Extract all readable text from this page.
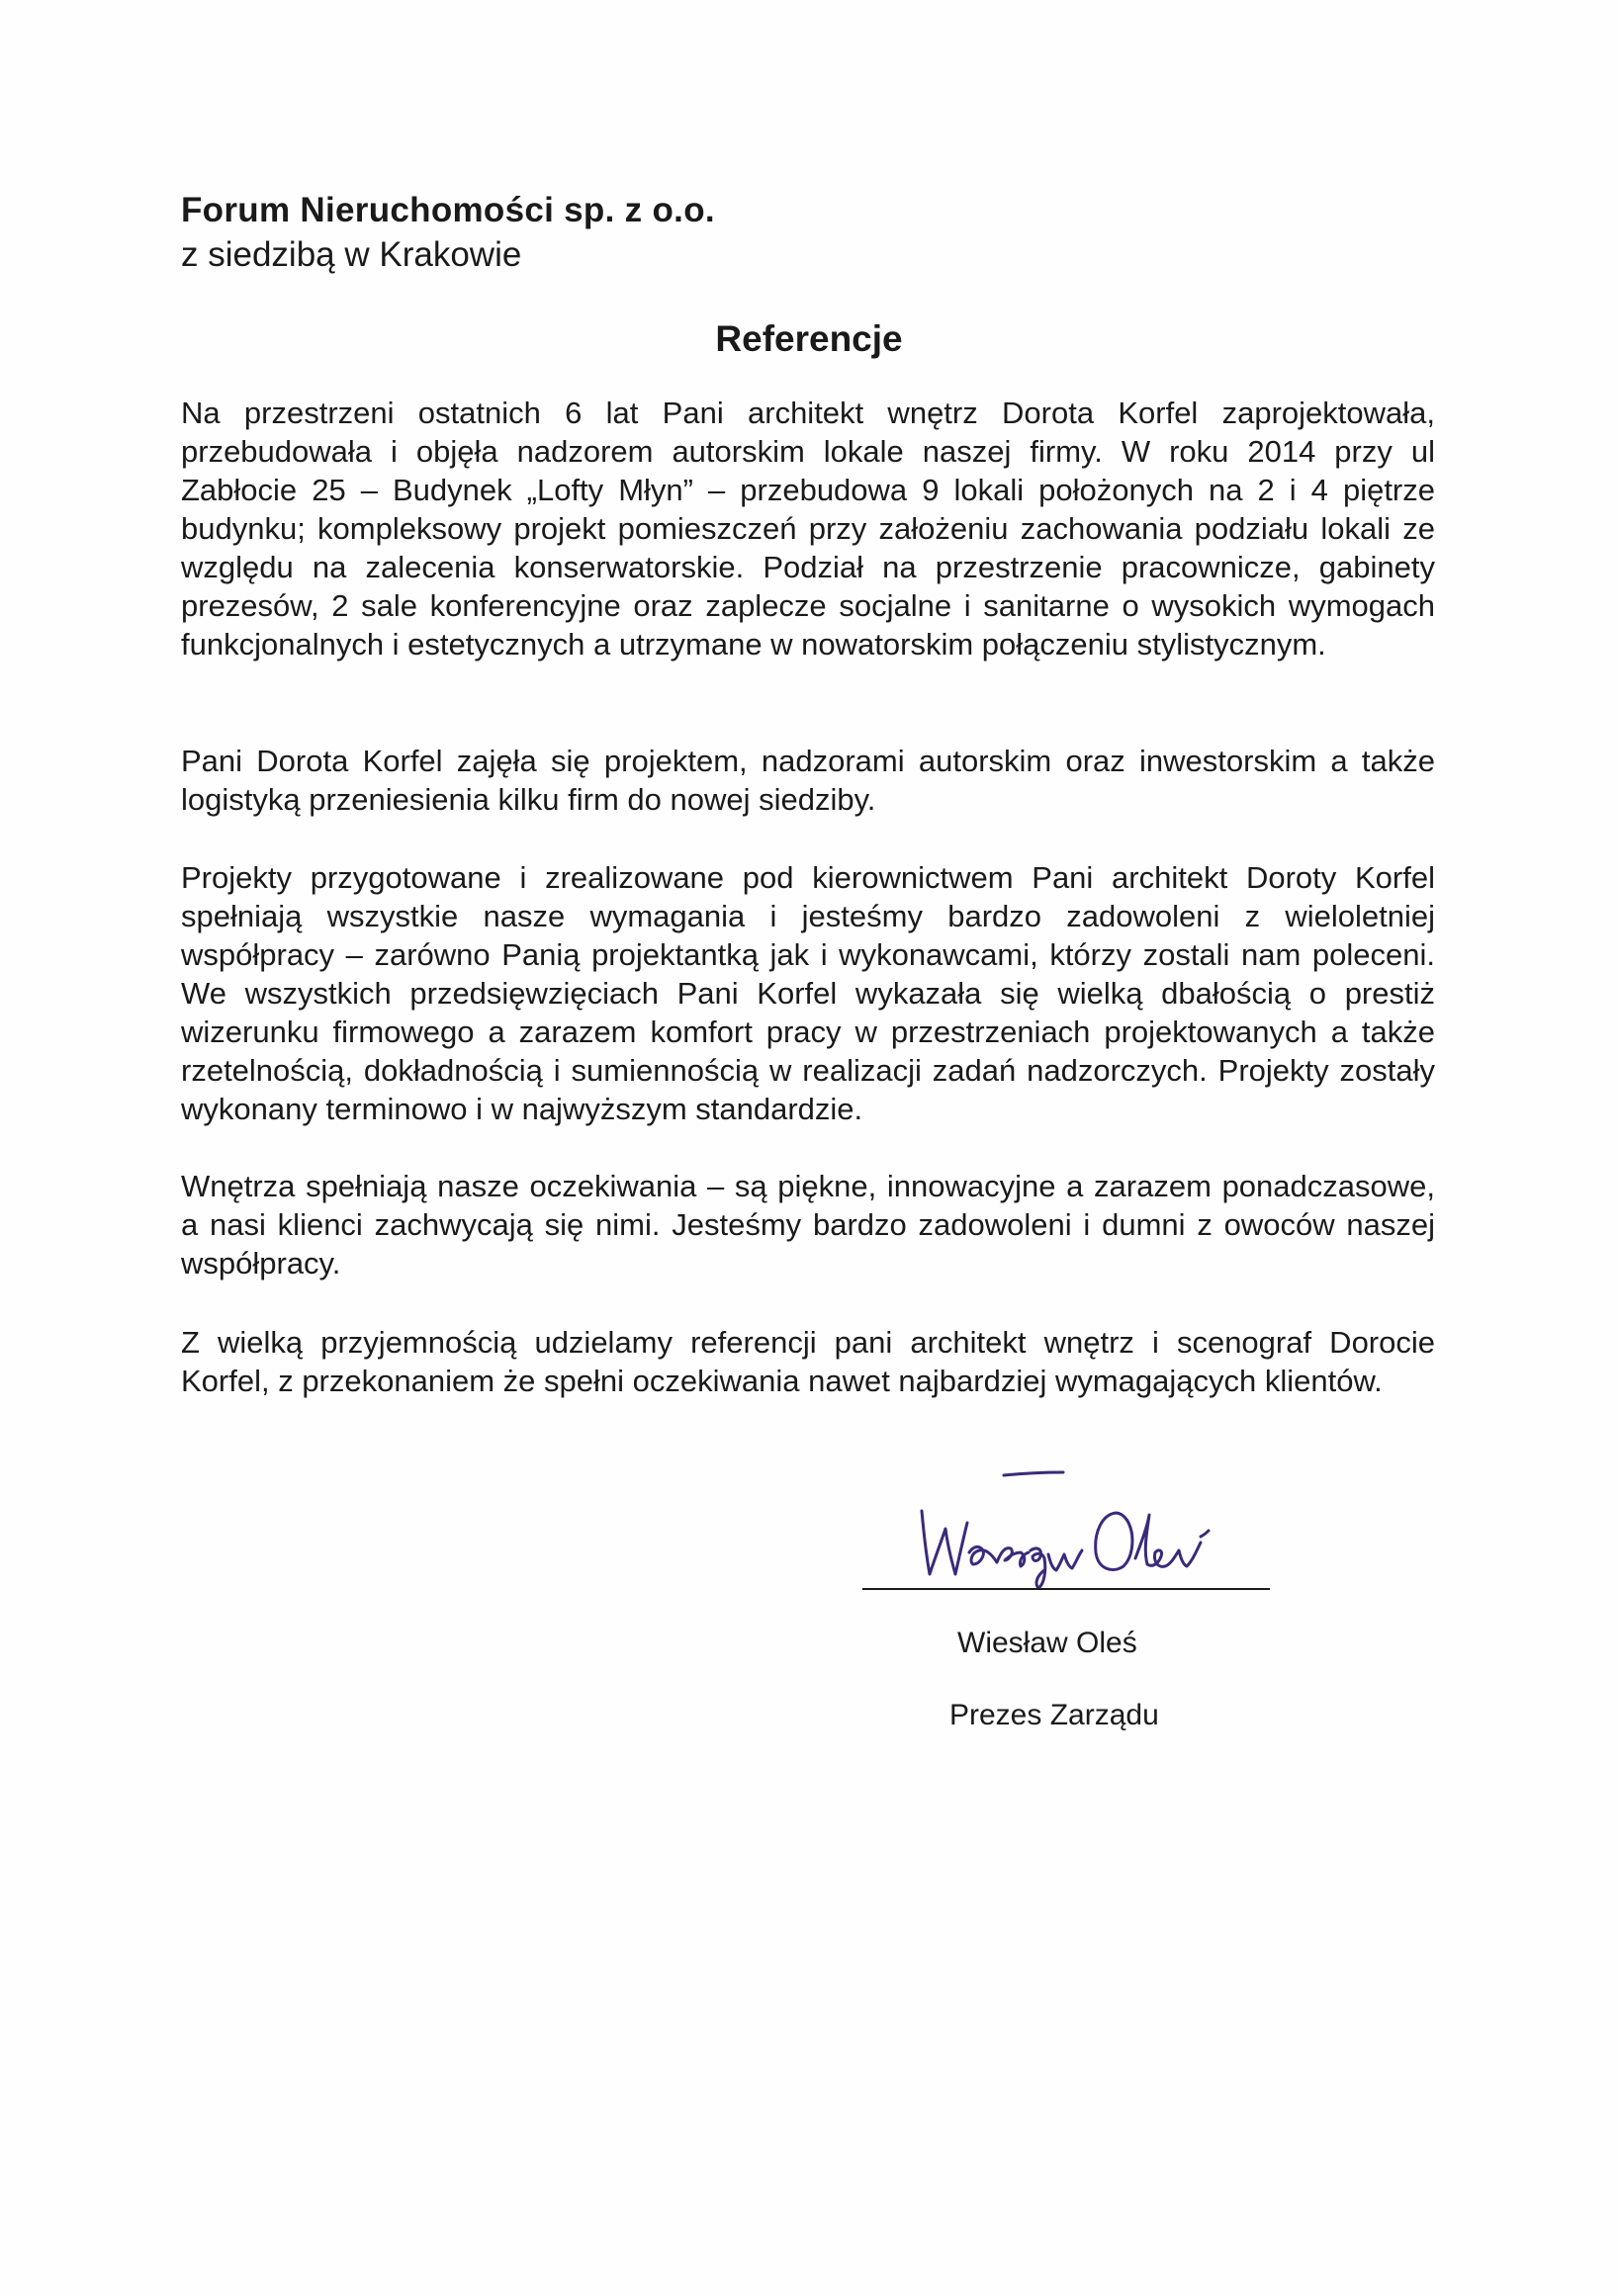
Forum Nieruchomości sp. z o.o.

z siedzibą w Krakowie

Referencje

Na przestrzeni ostatnich 6 lat Pani architekt wnętrz Dorota Korfel zaprojektowała, przebudowała i objęła nadzorem autorskim lokale naszej firmy. W roku 2014 przy ul Zabłocie 25 – Budynek „Lofty Młyn” – przebudowa 9 lokali położonych na 2 i 4 piętrze budynku; kompleksowy projekt pomieszczeń przy założeniu zachowania podziału lokali ze względu na zalecenia konserwatorskie. Podział na przestrzenie pracownicze, gabinety prezesów, 2 sale konferencyjne oraz zaplecze socjalne i sanitarne o wysokich wymogach funkcjonalnych i estetycznych a utrzymane w nowatorskim połączeniu stylistycznym.

Pani Dorota Korfel zajęła się projektem, nadzorami autorskim oraz inwestorskim a także logistyką przeniesienia kilku firm do nowej siedziby.

Projekty przygotowane i zrealizowane pod kierownictwem Pani architekt Doroty Korfel spełniają wszystkie nasze wymagania i jesteśmy bardzo zadowoleni z wieloletniej współpracy – zarówno Panią projektantką jak i wykonawcami, którzy zostali nam poleceni. We wszystkich przedsięwzięciach Pani Korfel wykazała się wielką dbałością o prestiż wizerunku firmowego a zarazem komfort pracy w przestrzeniach projektowanych a także rzetelnością, dokładnością i sumiennością w realizacji zadań nadzorczych. Projekty zostały wykonany terminowo i w najwyższym standardzie.

Wnętrza spełniają nasze oczekiwania – są piękne, innowacyjne a zarazem ponadczasowe, a nasi klienci zachwycają się nimi. Jesteśmy bardzo zadowoleni i dumni z owoców naszej współpracy.

Z wielką przyjemnością udzielamy referencji pani architekt wnętrz i scenograf Dorocie Korfel, z przekonaniem że spełni oczekiwania nawet najbardziej wymagających klientów.

Wiesław Oleś

Prezes Zarządu
